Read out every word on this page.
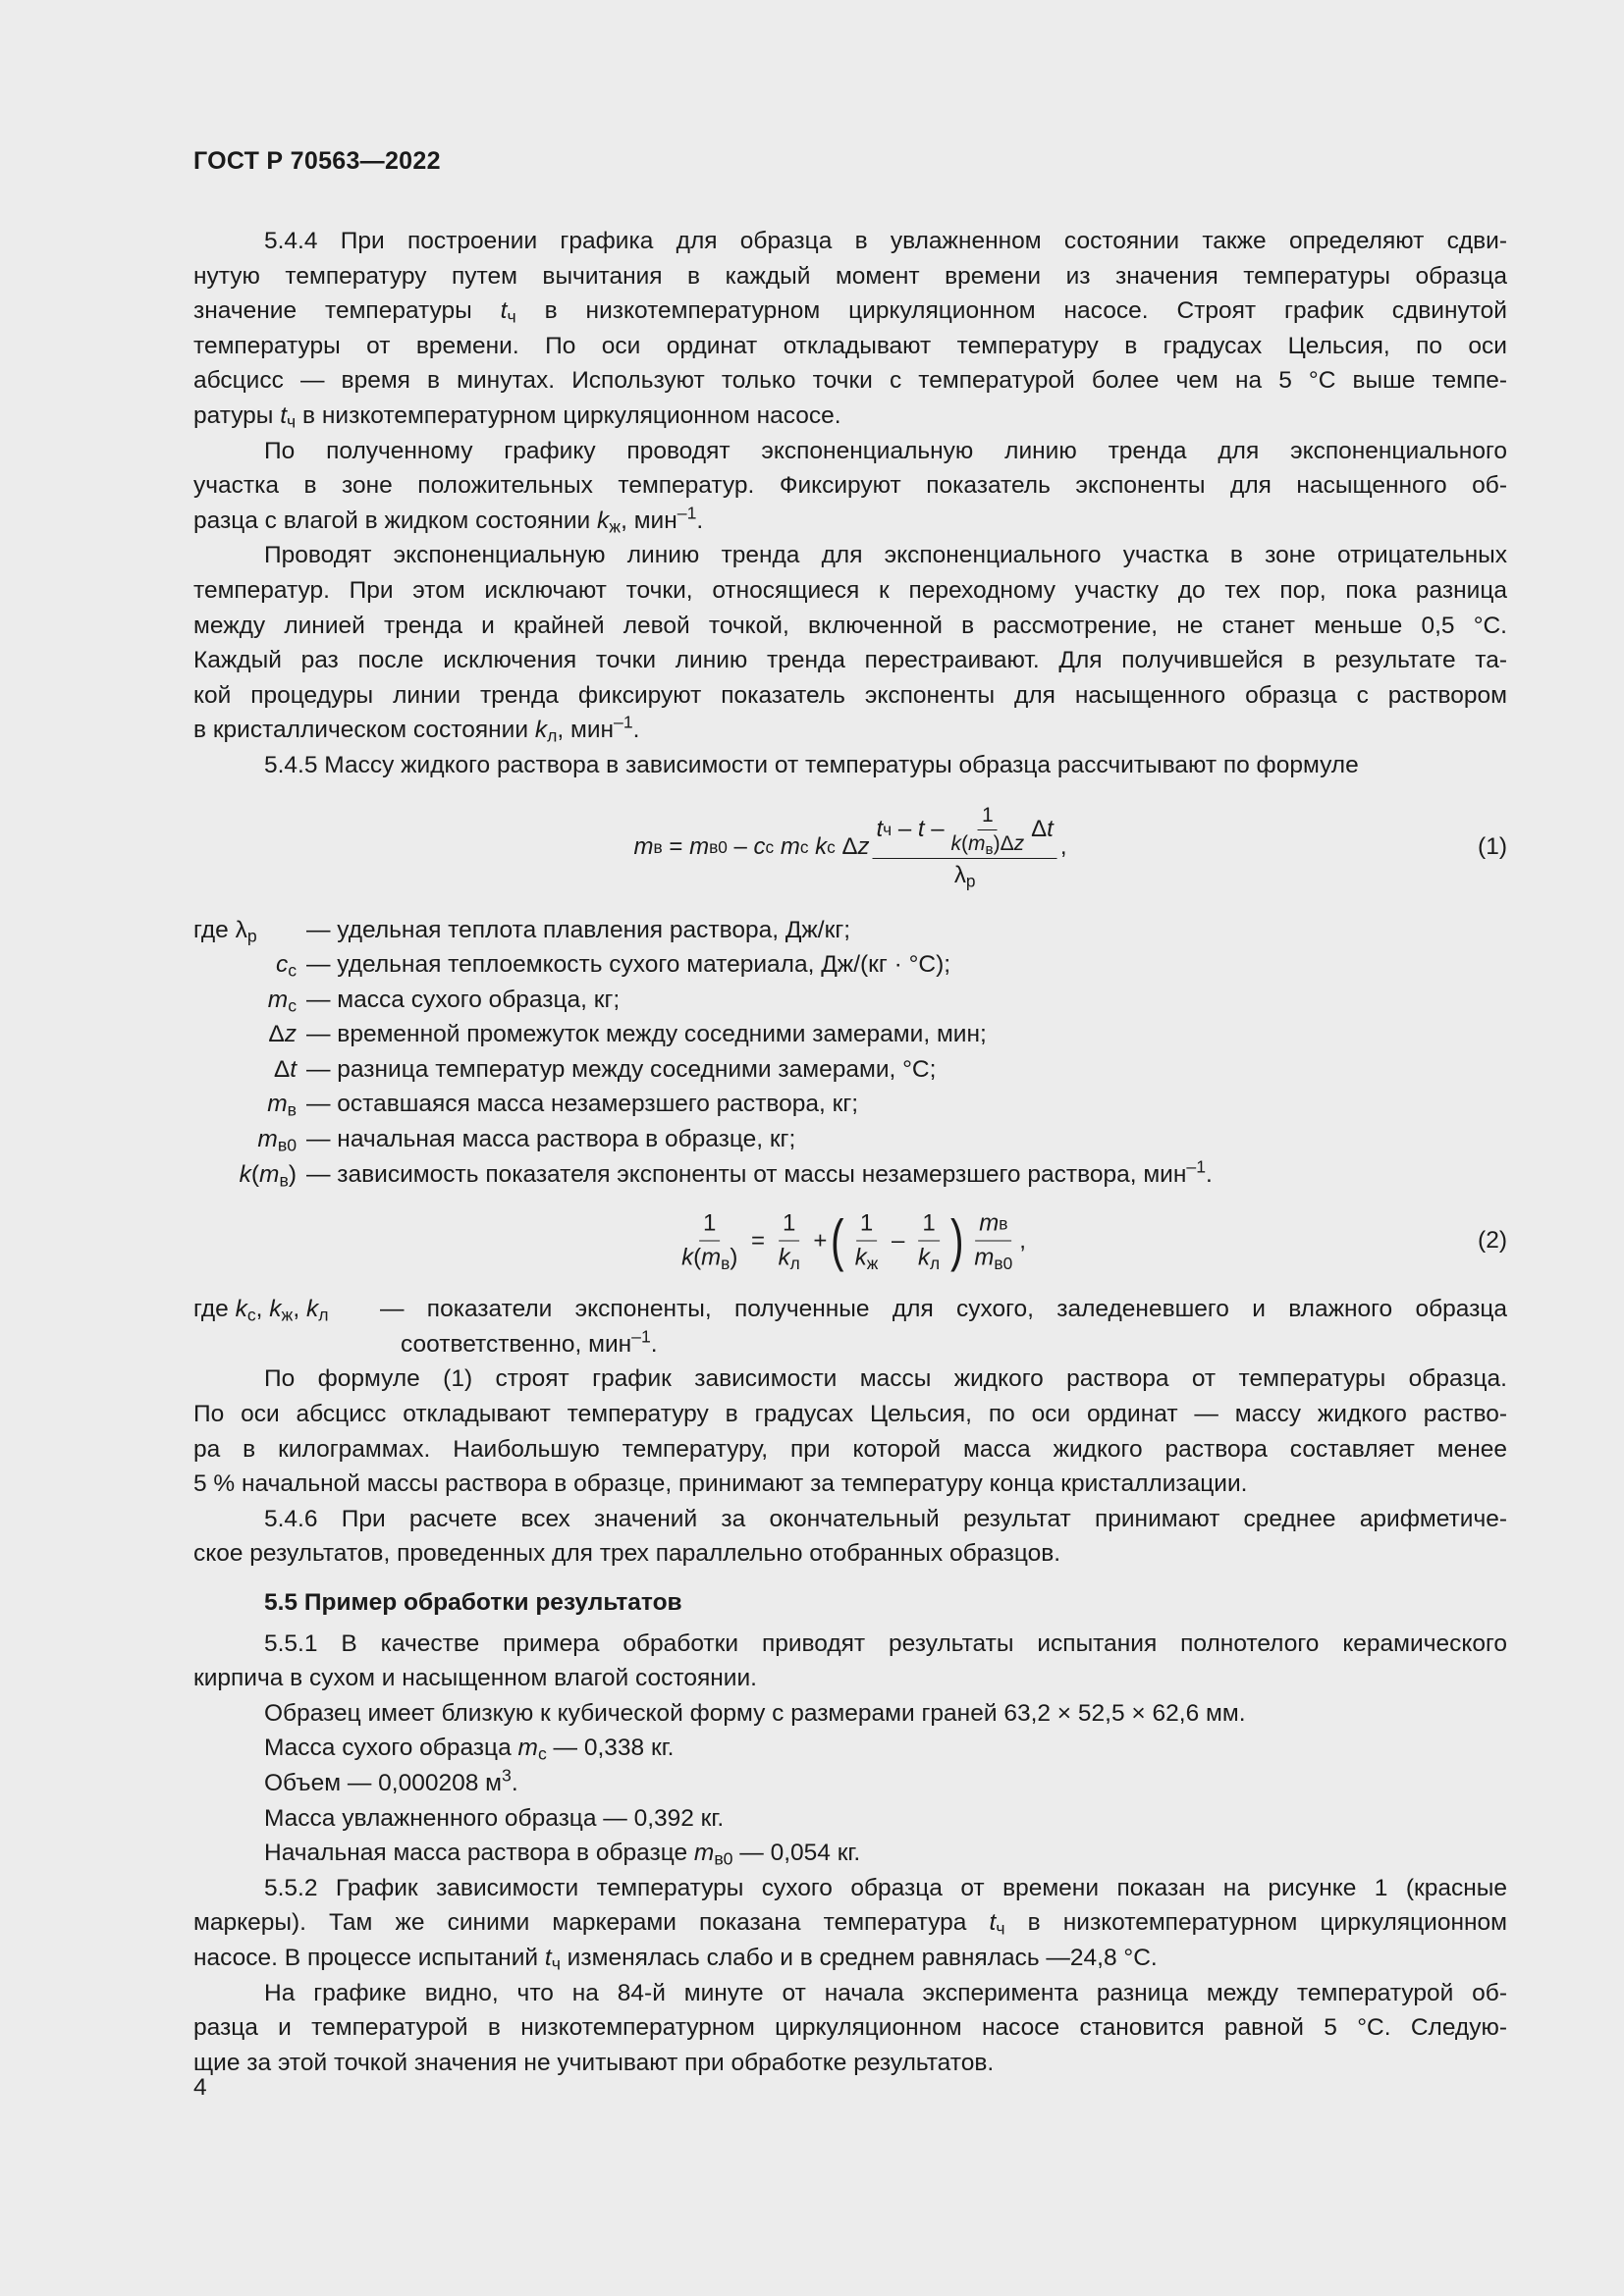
ГОСТ Р 70563—2022
5.4.4 При построении графика для образца в увлажненном состоянии также определяют сдви-
нутую температуру путем вычитания в каждый момент времени из значения температуры образца
значение температуры $t_ч$ в низкотемпературном циркуляционном насосе. Строят график сдвинутой
температуры от времени. По оси ординат откладывают температуру в градусах Цельсия, по оси
абсцисс — время в минутах. Используют только точки с температурой более чем на 5 °С выше темпе-
ратуры $t_ч$ в низкотемпературном циркуляционном насосе.
По полученному графику проводят экспоненциальную линию тренда для экспоненциального
участка в зоне положительных температур. Фиксируют показатель экспоненты для насыщенного об-
разца с влагой в жидком состоянии $k_ж$, мин$^{-1}$.
Проводят экспоненциальную линию тренда для экспоненциального участка в зоне отрицательных
температур. При этом исключают точки, относящиеся к переходному участку до тех пор, пока разница
между линией тренда и крайней левой точкой, включенной в рассмотрение, не станет меньше 0,5 °С.
Каждый раз после исключения точки линию тренда перестраивают. Для получившейся в результате та-
кой процедуры линии тренда фиксируют показатель экспоненты для насыщенного образца с раствором
в кристаллическом состоянии $k_л$, мин$^{-1}$.
5.4.5 Массу жидкого раствора в зависимости от температуры образца рассчитывают по формуле
m в = m в0 – c с
m с
k с Δ z
t ч – t – $\frac{1}{k(m_в)\Delta z}$ Δ t
$\lambda_р$
,	(1)
где $\lambda_р$	— удельная теплота плавления раствора, Дж/кг;
$c_с$ — удельная теплоемкость сухого материала, Дж/(кг · °С);
$m_с$ — масса сухого образца, кг;
Δz — временной промежуток между соседними замерами, мин;
Δt — разница температур между соседними замерами, °С;
$m_в$ — оставшаяся масса незамерзшего раствора, кг;
$m_{в0}$ — начальная масса раствора в образце, кг;
$k(m_в)$ — зависимость показателя экспоненты от массы незамерзшего раствора, мин$^{-1}$.
$\frac{1}{k(m_в)} = \frac{1}{k_л}$ + ( $\frac{1}{k_ж} - \frac{1}{k_л}$ ) $\frac{\text{m в}}{m_{в0}}$ ,	(2)
где $k_с$, $k_ж$, $k_л$	— показатели экспоненты, полученные для сухого, заледеневшего и влажного образца
соответственно, мин$^{-1}$.
По формуле (1) строят график зависимости массы жидкого раствора от температуры образца.
По оси абсцисс откладывают температуру в градусах Цельсия, по оси ординат — массу жидкого раство-
ра в килограммах. Наибольшую температуру, при которой масса жидкого раствора составляет менее
5 % начальной массы раствора в образце, принимают за температуру конца кристаллизации.
5.4.6 При расчете всех значений за окончательный результат принимают среднее арифметиче-
ское результатов, проведенных для трех параллельно отобранных образцов.
5.5 Пример обработки результатов
5.5.1 В качестве примера обработки приводят результаты испытания полнотелого керамического
кирпича в сухом и насыщенном влагой состоянии.
Образец имеет близкую к кубической форму с размерами граней 63,2 × 52,5 × 62,6 мм.
Масса сухого образца $m_с$ — 0,338 кг.
Объем — 0,000208 $м^3$.
Масса увлажненного образца — 0,392 кг.
Начальная масса раствора в образце $m_{в0}$ — 0,054 кг.
5.5.2 График зависимости температуры сухого образца от времени показан на рисунке 1 (красные
маркеры). Там же синими маркерами показана температура $t_ч$ в низкотемпературном циркуляционном
насосе. В процессе испытаний $t_ч$ изменялась слабо и в среднем равнялась —24,8 °С.
На графике видно, что на 84-й минуте от начала эксперимента разница между температурой об-
разца и температурой в низкотемпературном циркуляционном насосе становится равной 5 °С. Следую-
щие за этой точкой значения не учитывают при обработке результатов.
4
